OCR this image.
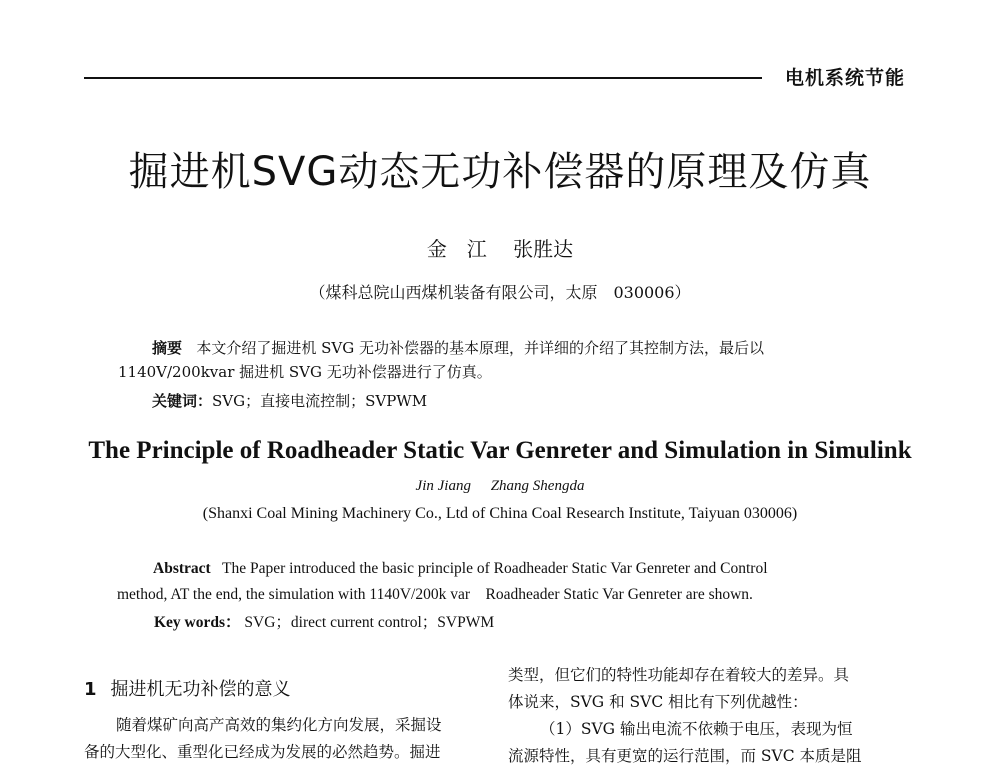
电机系统节能
掘进机SVG动态无功补偿器的原理及仿真
金　江 张胜达
（煤科总院山西煤机装备有限公司，太原　030006）
摘要 本文介绍了掘进机 SVG 无功补偿器的基本原理，并详细的介绍了其控制方法，最后以
1140V/200kvar 掘进机 SVG 无功补偿器进行了仿真。
关键词：SVG；直接电流控制；SVPWM
The Principle of Roadheader Static Var Genreter and Simulation in Simulink
Jin Jiang Zhang Shengda
(Shanxi Coal Mining Machinery Co., Ltd of China Coal Research Institute, Taiyuan 030006)
Abstract The Paper introduced the basic principle of Roadheader Static Var Genreter and Control
method, AT the end, the simulation with 1140V/200k var　Roadheader Static Var Genreter are shown.
Key words： SVG；direct current control；SVPWM
1 掘进机无功补偿的意义
随着煤矿向高产高效的集约化方向发展，采掘设
备的大型化、重型化已经成为发展的必然趋势。掘进
类型，但它们的特性功能却存在着较大的差异。具
体说来，SVG 和 SVC 相比有下列优越性：
（1）SVG 输出电流不依赖于电压，表现为恒
流源特性，具有更宽的运行范围，而 SVC 本质是阻
